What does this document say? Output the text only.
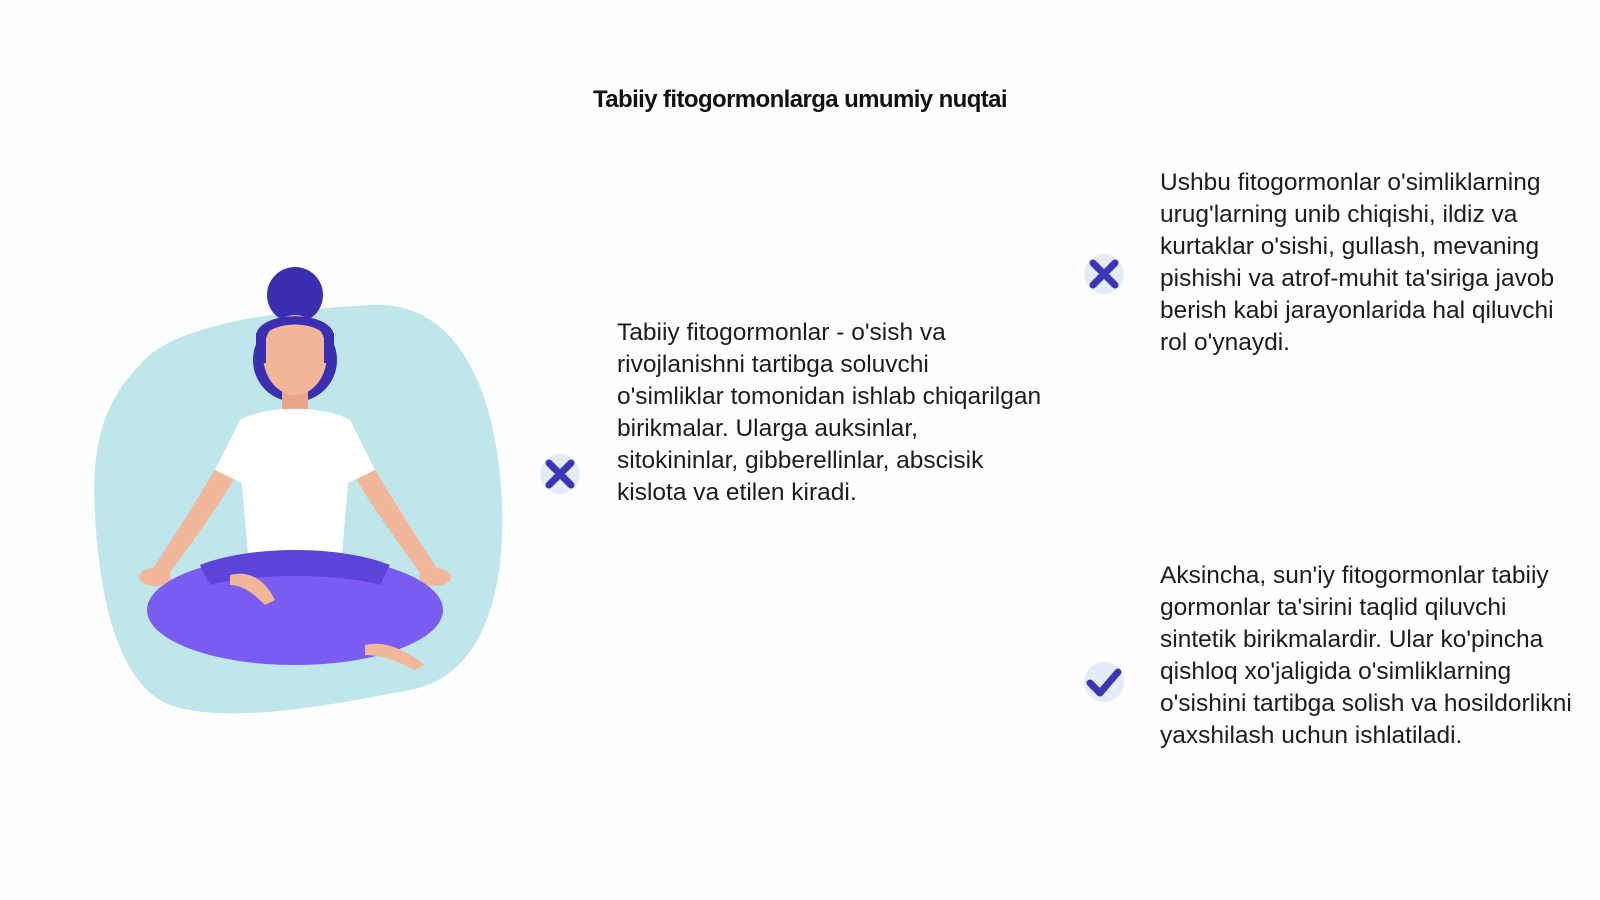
Tabiiy fitogormonlarga umumiy nuqtai
Tabiiy fitogormonlar - o'sish va rivojlanishni tartibga soluvchi o'simliklar tomonidan ishlab chiqarilgan birikmalar. Ularga auksinlar, sitokininlar, gibberellinlar, abscisik kislota va etilen kiradi.
Ushbu fitogormonlar o'simliklarning urug'larning unib chiqishi, ildiz va kurtaklar o'sishi, gullash, mevaning pishishi va atrof-muhit ta'siriga javob berish kabi jarayonlarida hal qiluvchi rol o'ynaydi.
Aksincha, sun'iy fitogormonlar tabiiy gormonlar ta'sirini taqlid qiluvchi sintetik birikmalardir. Ular ko'pincha qishloq xo'jaligida o'simliklarning o'sishini tartibga solish va hosildorlikni yaxshilash uchun ishlatiladi.
